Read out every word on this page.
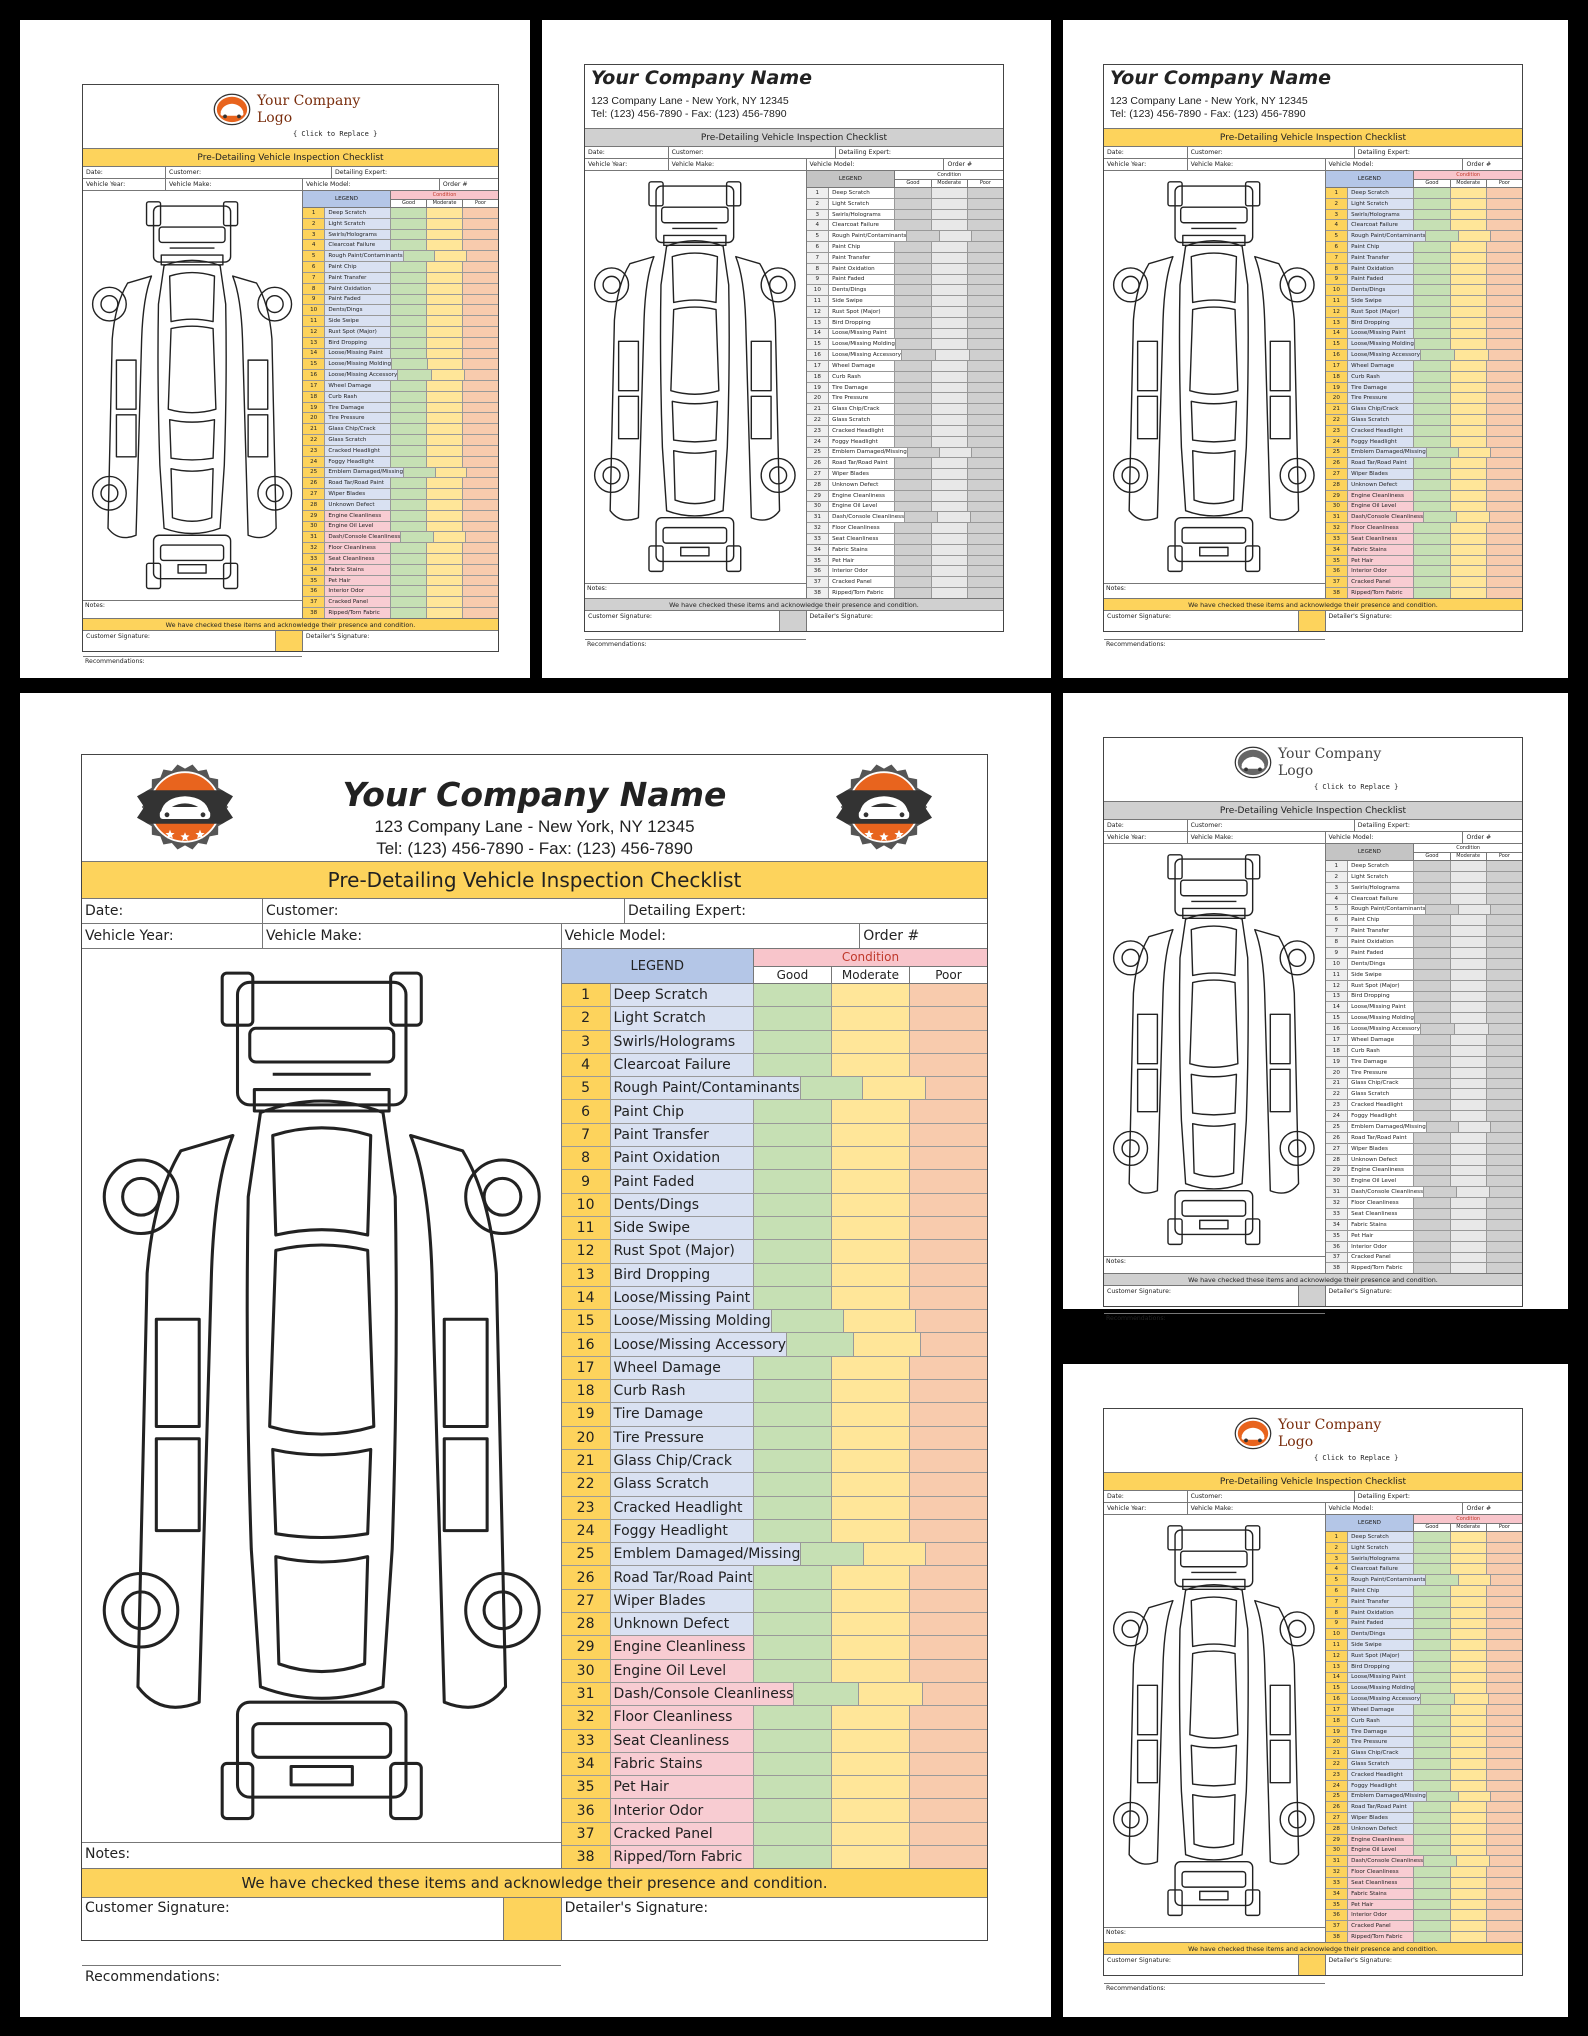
Your Company
Logo
{ Click to Replace }
Pre-Detailing Vehicle Inspection Checklist
Date:	Customer:	Detailing Expert:
Vehicle Year:	Vehicle Make:	Vehicle Model:	Order #
Notes:
Recommendations:
LEGEND
Condition
Good	Moderate	Poor
1	Deep Scratch
2	Light Scratch
3	Swirls/Holograms
4	Clearcoat Failure
5	Rough Paint/Contaminants
6	Paint Chip
7	Paint Transfer
8	Paint Oxidation
9	Paint Faded
10	Dents/Dings
11	Side Swipe
12	Rust Spot (Major)
13	Bird Dropping
14	Loose/Missing Paint
15	Loose/Missing Molding
16	Loose/Missing Accessory
17	Wheel Damage
18	Curb Rash
19	Tire Damage
20	Tire Pressure
21	Glass Chip/Crack
22	Glass Scratch
23	Cracked Headlight
24	Foggy Headlight
25	Emblem Damaged/Missing
26	Road Tar/Road Paint
27	Wiper Blades
28	Unknown Defect
29	Engine Cleanliness
30	Engine Oil Level
31	Dash/Console Cleanliness
32	Floor Cleanliness
33	Seat Cleanliness
34	Fabric Stains
35	Pet Hair
36	Interior Odor
37	Cracked Panel
38	Ripped/Torn Fabric
We have checked these items and acknowledge their presence and condition.
Customer Signature:	Detailer's Signature:
Your Company Name
123 Company Lane - New York, NY 12345
Tel: (123) 456-7890 - Fax: (123) 456-7890
Pre-Detailing Vehicle Inspection Checklist
Date:	Customer:	Detailing Expert:
Vehicle Year:	Vehicle Make:	Vehicle Model:	Order #
Notes:
Recommendations:
LEGEND
Condition
Good	Moderate	Poor
1	Deep Scratch
2	Light Scratch
3	Swirls/Holograms
4	Clearcoat Failure
5	Rough Paint/Contaminants
6	Paint Chip
7	Paint Transfer
8	Paint Oxidation
9	Paint Faded
10	Dents/Dings
11	Side Swipe
12	Rust Spot (Major)
13	Bird Dropping
14	Loose/Missing Paint
15	Loose/Missing Molding
16	Loose/Missing Accessory
17	Wheel Damage
18	Curb Rash
19	Tire Damage
20	Tire Pressure
21	Glass Chip/Crack
22	Glass Scratch
23	Cracked Headlight
24	Foggy Headlight
25	Emblem Damaged/Missing
26	Road Tar/Road Paint
27	Wiper Blades
28	Unknown Defect
29	Engine Cleanliness
30	Engine Oil Level
31	Dash/Console Cleanliness
32	Floor Cleanliness
33	Seat Cleanliness
34	Fabric Stains
35	Pet Hair
36	Interior Odor
37	Cracked Panel
38	Ripped/Torn Fabric
We have checked these items and acknowledge their presence and condition.
Customer Signature:	Detailer's Signature:
Your Company Name
123 Company Lane - New York, NY 12345
Tel: (123) 456-7890 - Fax: (123) 456-7890
Pre-Detailing Vehicle Inspection Checklist
Date:	Customer:	Detailing Expert:
Vehicle Year:	Vehicle Make:	Vehicle Model:	Order #
Notes:
Recommendations:
LEGEND
Condition
Good	Moderate	Poor
1	Deep Scratch
2	Light Scratch
3	Swirls/Holograms
4	Clearcoat Failure
5	Rough Paint/Contaminants
6	Paint Chip
7	Paint Transfer
8	Paint Oxidation
9	Paint Faded
10	Dents/Dings
11	Side Swipe
12	Rust Spot (Major)
13	Bird Dropping
14	Loose/Missing Paint
15	Loose/Missing Molding
16	Loose/Missing Accessory
17	Wheel Damage
18	Curb Rash
19	Tire Damage
20	Tire Pressure
21	Glass Chip/Crack
22	Glass Scratch
23	Cracked Headlight
24	Foggy Headlight
25	Emblem Damaged/Missing
26	Road Tar/Road Paint
27	Wiper Blades
28	Unknown Defect
29	Engine Cleanliness
30	Engine Oil Level
31	Dash/Console Cleanliness
32	Floor Cleanliness
33	Seat Cleanliness
34	Fabric Stains
35	Pet Hair
36	Interior Odor
37	Cracked Panel
38	Ripped/Torn Fabric
We have checked these items and acknowledge their presence and condition.
Customer Signature:	Detailer's Signature:
Your Company Name
123 Company Lane - New York, NY 12345
Tel: (123) 456-7890 - Fax: (123) 456-7890
Pre-Detailing Vehicle Inspection Checklist
Date:	Customer:	Detailing Expert:
Vehicle Year:	Vehicle Make:	Vehicle Model:	Order #
Notes:
Recommendations:
LEGEND
Condition
Good	Moderate	Poor
1	Deep Scratch
2	Light Scratch
3	Swirls/Holograms
4	Clearcoat Failure
5	Rough Paint/Contaminants
6	Paint Chip
7	Paint Transfer
8	Paint Oxidation
9	Paint Faded
10	Dents/Dings
11	Side Swipe
12	Rust Spot (Major)
13	Bird Dropping
14	Loose/Missing Paint
15	Loose/Missing Molding
16	Loose/Missing Accessory
17	Wheel Damage
18	Curb Rash
19	Tire Damage
20	Tire Pressure
21	Glass Chip/Crack
22	Glass Scratch
23	Cracked Headlight
24	Foggy Headlight
25	Emblem Damaged/Missing
26	Road Tar/Road Paint
27	Wiper Blades
28	Unknown Defect
29	Engine Cleanliness
30	Engine Oil Level
31	Dash/Console Cleanliness
32	Floor Cleanliness
33	Seat Cleanliness
34	Fabric Stains
35	Pet Hair
36	Interior Odor
37	Cracked Panel
38	Ripped/Torn Fabric
We have checked these items and acknowledge their presence and condition.
Customer Signature:	Detailer's Signature:
Your Company
Logo
{ Click to Replace }
Pre-Detailing Vehicle Inspection Checklist
Date:	Customer:	Detailing Expert:
Vehicle Year:	Vehicle Make:	Vehicle Model:	Order #
Notes:
Recommendations:
LEGEND
Condition
Good	Moderate	Poor
1	Deep Scratch
2	Light Scratch
3	Swirls/Holograms
4	Clearcoat Failure
5	Rough Paint/Contaminants
6	Paint Chip
7	Paint Transfer
8	Paint Oxidation
9	Paint Faded
10	Dents/Dings
11	Side Swipe
12	Rust Spot (Major)
13	Bird Dropping
14	Loose/Missing Paint
15	Loose/Missing Molding
16	Loose/Missing Accessory
17	Wheel Damage
18	Curb Rash
19	Tire Damage
20	Tire Pressure
21	Glass Chip/Crack
22	Glass Scratch
23	Cracked Headlight
24	Foggy Headlight
25	Emblem Damaged/Missing
26	Road Tar/Road Paint
27	Wiper Blades
28	Unknown Defect
29	Engine Cleanliness
30	Engine Oil Level
31	Dash/Console Cleanliness
32	Floor Cleanliness
33	Seat Cleanliness
34	Fabric Stains
35	Pet Hair
36	Interior Odor
37	Cracked Panel
38	Ripped/Torn Fabric
We have checked these items and acknowledge their presence and condition.
Customer Signature:	Detailer's Signature:
Your Company
Logo
{ Click to Replace }
Pre-Detailing Vehicle Inspection Checklist
Date:	Customer:	Detailing Expert:
Vehicle Year:	Vehicle Make:	Vehicle Model:	Order #
Notes:
Recommendations:
LEGEND
Condition
Good	Moderate	Poor
1	Deep Scratch
2	Light Scratch
3	Swirls/Holograms
4	Clearcoat Failure
5	Rough Paint/Contaminants
6	Paint Chip
7	Paint Transfer
8	Paint Oxidation
9	Paint Faded
10	Dents/Dings
11	Side Swipe
12	Rust Spot (Major)
13	Bird Dropping
14	Loose/Missing Paint
15	Loose/Missing Molding
16	Loose/Missing Accessory
17	Wheel Damage
18	Curb Rash
19	Tire Damage
20	Tire Pressure
21	Glass Chip/Crack
22	Glass Scratch
23	Cracked Headlight
24	Foggy Headlight
25	Emblem Damaged/Missing
26	Road Tar/Road Paint
27	Wiper Blades
28	Unknown Defect
29	Engine Cleanliness
30	Engine Oil Level
31	Dash/Console Cleanliness
32	Floor Cleanliness
33	Seat Cleanliness
34	Fabric Stains
35	Pet Hair
36	Interior Odor
37	Cracked Panel
38	Ripped/Torn Fabric
We have checked these items and acknowledge their presence and condition.
Customer Signature:	Detailer's Signature:
